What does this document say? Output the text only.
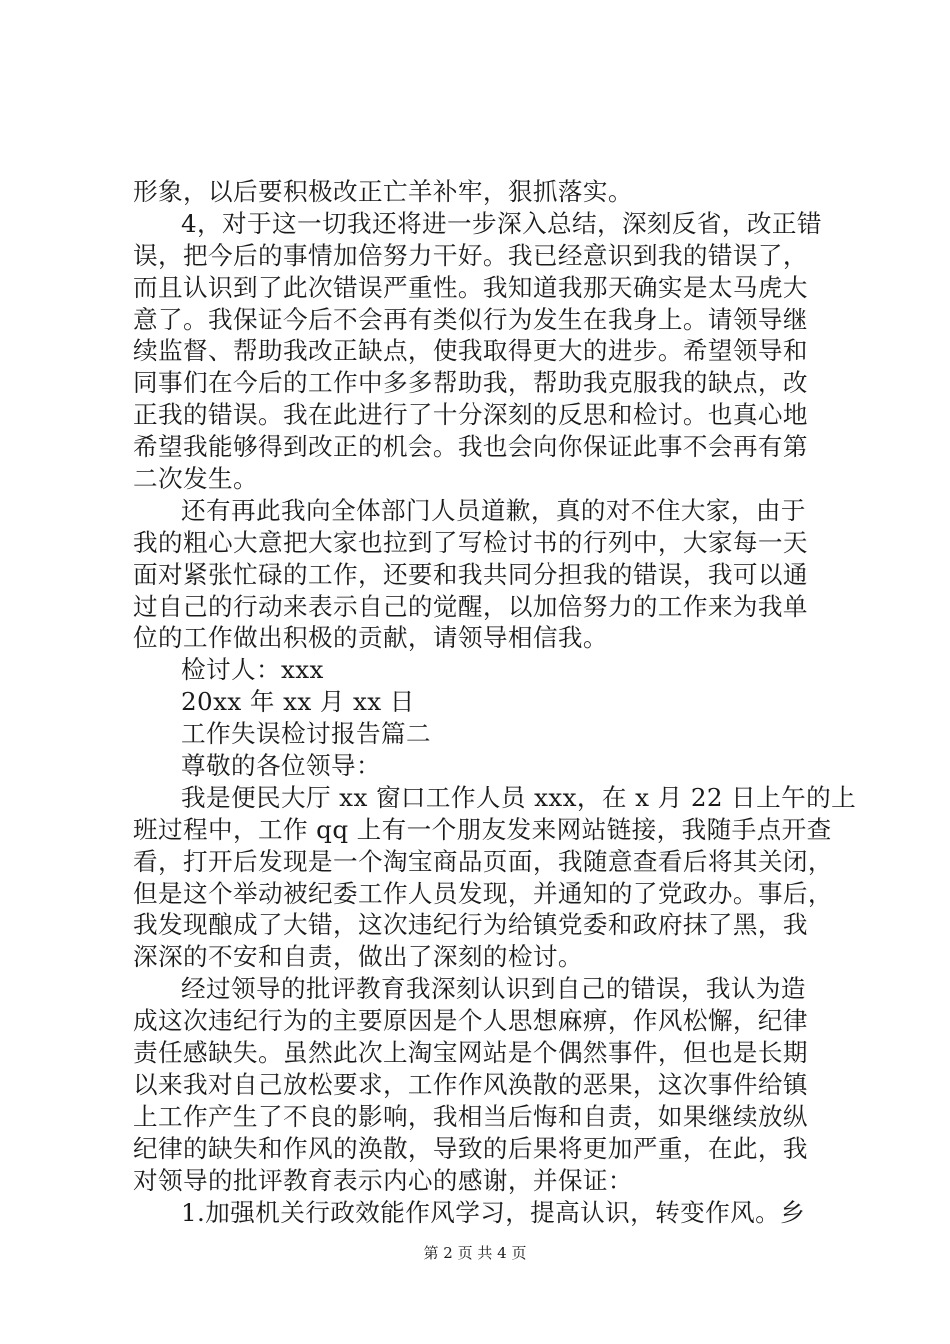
形象，以后要积极改正亡羊补牢，狠抓落实。
4，对于这一切我还将进一步深入总结，深刻反省，改正错
误，把今后的事情加倍努力干好。我已经意识到我的错误了，
而且认识到了此次错误严重性。我知道我那天确实是太马虎大
意了。我保证今后不会再有类似行为发生在我身上。请领导继
续监督、帮助我改正缺点，使我取得更大的进步。希望领导和
同事们在今后的工作中多多帮助我，帮助我克服我的缺点，改
正我的错误。我在此进行了十分深刻的反思和检讨。也真心地
希望我能够得到改正的机会。我也会向你保证此事不会再有第
二次发生。
还有再此我向全体部门人员道歉，真的对不住大家，由于
我的粗心大意把大家也拉到了写检讨书的行列中，大家每一天
面对紧张忙碌的工作，还要和我共同分担我的错误，我可以通
过自己的行动来表示自己的觉醒，以加倍努力的工作来为我单
位的工作做出积极的贡献，请领导相信我。
检讨人：xxx
20xx 年 xx 月 xx 日
工作失误检讨报告篇二
尊敬的各位领导：
我是便民大厅 xx 窗口工作人员 xxx，在 x 月 22 日上午的上
班过程中，工作 qq 上有一个朋友发来网站链接，我随手点开查
看，打开后发现是一个淘宝商品页面，我随意查看后将其关闭，
但是这个举动被纪委工作人员发现，并通知的了党政办。事后，
我发现酿成了大错，这次违纪行为给镇党委和政府抹了黑，我
深深的不安和自责，做出了深刻的检讨。
经过领导的批评教育我深刻认识到自己的错误，我认为造
成这次违纪行为的主要原因是个人思想麻痹，作风松懈，纪律
责任感缺失。虽然此次上淘宝网站是个偶然事件，但也是长期
以来我对自己放松要求，工作作风涣散的恶果，这次事件给镇
上工作产生了不良的影响，我相当后悔和自责，如果继续放纵
纪律的缺失和作风的涣散，导致的后果将更加严重，在此，我
对领导的批评教育表示内心的感谢，并保证：
1.加强机关行政效能作风学习，提高认识，转变作风。乡
第 2 页 共 4 页
